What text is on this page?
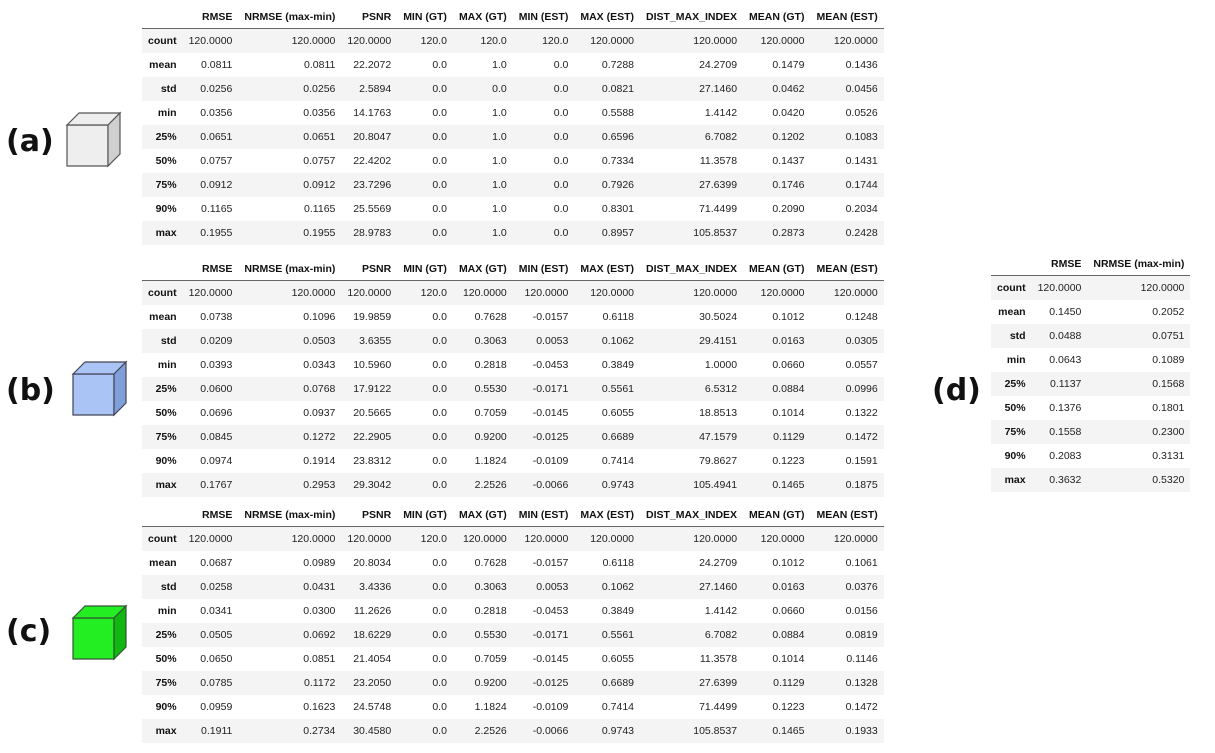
(a)
(b)
(c)
(d)
	RMSE	NRMSE (max-min)	PSNR	MIN (GT)	MAX (GT)	MIN (EST)	MAX (EST)	DIST_MAX_INDEX	MEAN (GT)	MEAN (EST)
count	120.0000	120.0000	120.0000	120.0	120.0	120.0	120.0000	120.0000	120.0000	120.0000
mean	0.0811	0.0811	22.2072	0.0	1.0	0.0	0.7288	24.2709	0.1479	0.1436
std	0.0256	0.0256	2.5894	0.0	0.0	0.0	0.0821	27.1460	0.0462	0.0456
min	0.0356	0.0356	14.1763	0.0	1.0	0.0	0.5588	1.4142	0.0420	0.0526
25%	0.0651	0.0651	20.8047	0.0	1.0	0.0	0.6596	6.7082	0.1202	0.1083
50%	0.0757	0.0757	22.4202	0.0	1.0	0.0	0.7334	11.3578	0.1437	0.1431
75%	0.0912	0.0912	23.7296	0.0	1.0	0.0	0.7926	27.6399	0.1746	0.1744
90%	0.1165	0.1165	25.5569	0.0	1.0	0.0	0.8301	71.4499	0.2090	0.2034
max	0.1955	0.1955	28.9783	0.0	1.0	0.0	0.8957	105.8537	0.2873	0.2428
	RMSE	NRMSE (max-min)	PSNR	MIN (GT)	MAX (GT)	MIN (EST)	MAX (EST)	DIST_MAX_INDEX	MEAN (GT)	MEAN (EST)
count	120.0000	120.0000	120.0000	120.0	120.0000	120.0000	120.0000	120.0000	120.0000	120.0000
mean	0.0738	0.1096	19.9859	0.0	0.7628	-0.0157	0.6118	30.5024	0.1012	0.1248
std	0.0209	0.0503	3.6355	0.0	0.3063	0.0053	0.1062	29.4151	0.0163	0.0305
min	0.0393	0.0343	10.5960	0.0	0.2818	-0.0453	0.3849	1.0000	0.0660	0.0557
25%	0.0600	0.0768	17.9122	0.0	0.5530	-0.0171	0.5561	6.5312	0.0884	0.0996
50%	0.0696	0.0937	20.5665	0.0	0.7059	-0.0145	0.6055	18.8513	0.1014	0.1322
75%	0.0845	0.1272	22.2905	0.0	0.9200	-0.0125	0.6689	47.1579	0.1129	0.1472
90%	0.0974	0.1914	23.8312	0.0	1.1824	-0.0109	0.7414	79.8627	0.1223	0.1591
max	0.1767	0.2953	29.3042	0.0	2.2526	-0.0066	0.9743	105.4941	0.1465	0.1875
	RMSE	NRMSE (max-min)	PSNR	MIN (GT)	MAX (GT)	MIN (EST)	MAX (EST)	DIST_MAX_INDEX	MEAN (GT)	MEAN (EST)
count	120.0000	120.0000	120.0000	120.0	120.0000	120.0000	120.0000	120.0000	120.0000	120.0000
mean	0.0687	0.0989	20.8034	0.0	0.7628	-0.0157	0.6118	24.2709	0.1012	0.1061
std	0.0258	0.0431	3.4336	0.0	0.3063	0.0053	0.1062	27.1460	0.0163	0.0376
min	0.0341	0.0300	11.2626	0.0	0.2818	-0.0453	0.3849	1.4142	0.0660	0.0156
25%	0.0505	0.0692	18.6229	0.0	0.5530	-0.0171	0.5561	6.7082	0.0884	0.0819
50%	0.0650	0.0851	21.4054	0.0	0.7059	-0.0145	0.6055	11.3578	0.1014	0.1146
75%	0.0785	0.1172	23.2050	0.0	0.9200	-0.0125	0.6689	27.6399	0.1129	0.1328
90%	0.0959	0.1623	24.5748	0.0	1.1824	-0.0109	0.7414	71.4499	0.1223	0.1472
max	0.1911	0.2734	30.4580	0.0	2.2526	-0.0066	0.9743	105.8537	0.1465	0.1933
	RMSE	NRMSE (max-min)
count	120.0000	120.0000
mean	0.1450	0.2052
std	0.0488	0.0751
min	0.0643	0.1089
25%	0.1137	0.1568
50%	0.1376	0.1801
75%	0.1558	0.2300
90%	0.2083	0.3131
max	0.3632	0.5320
